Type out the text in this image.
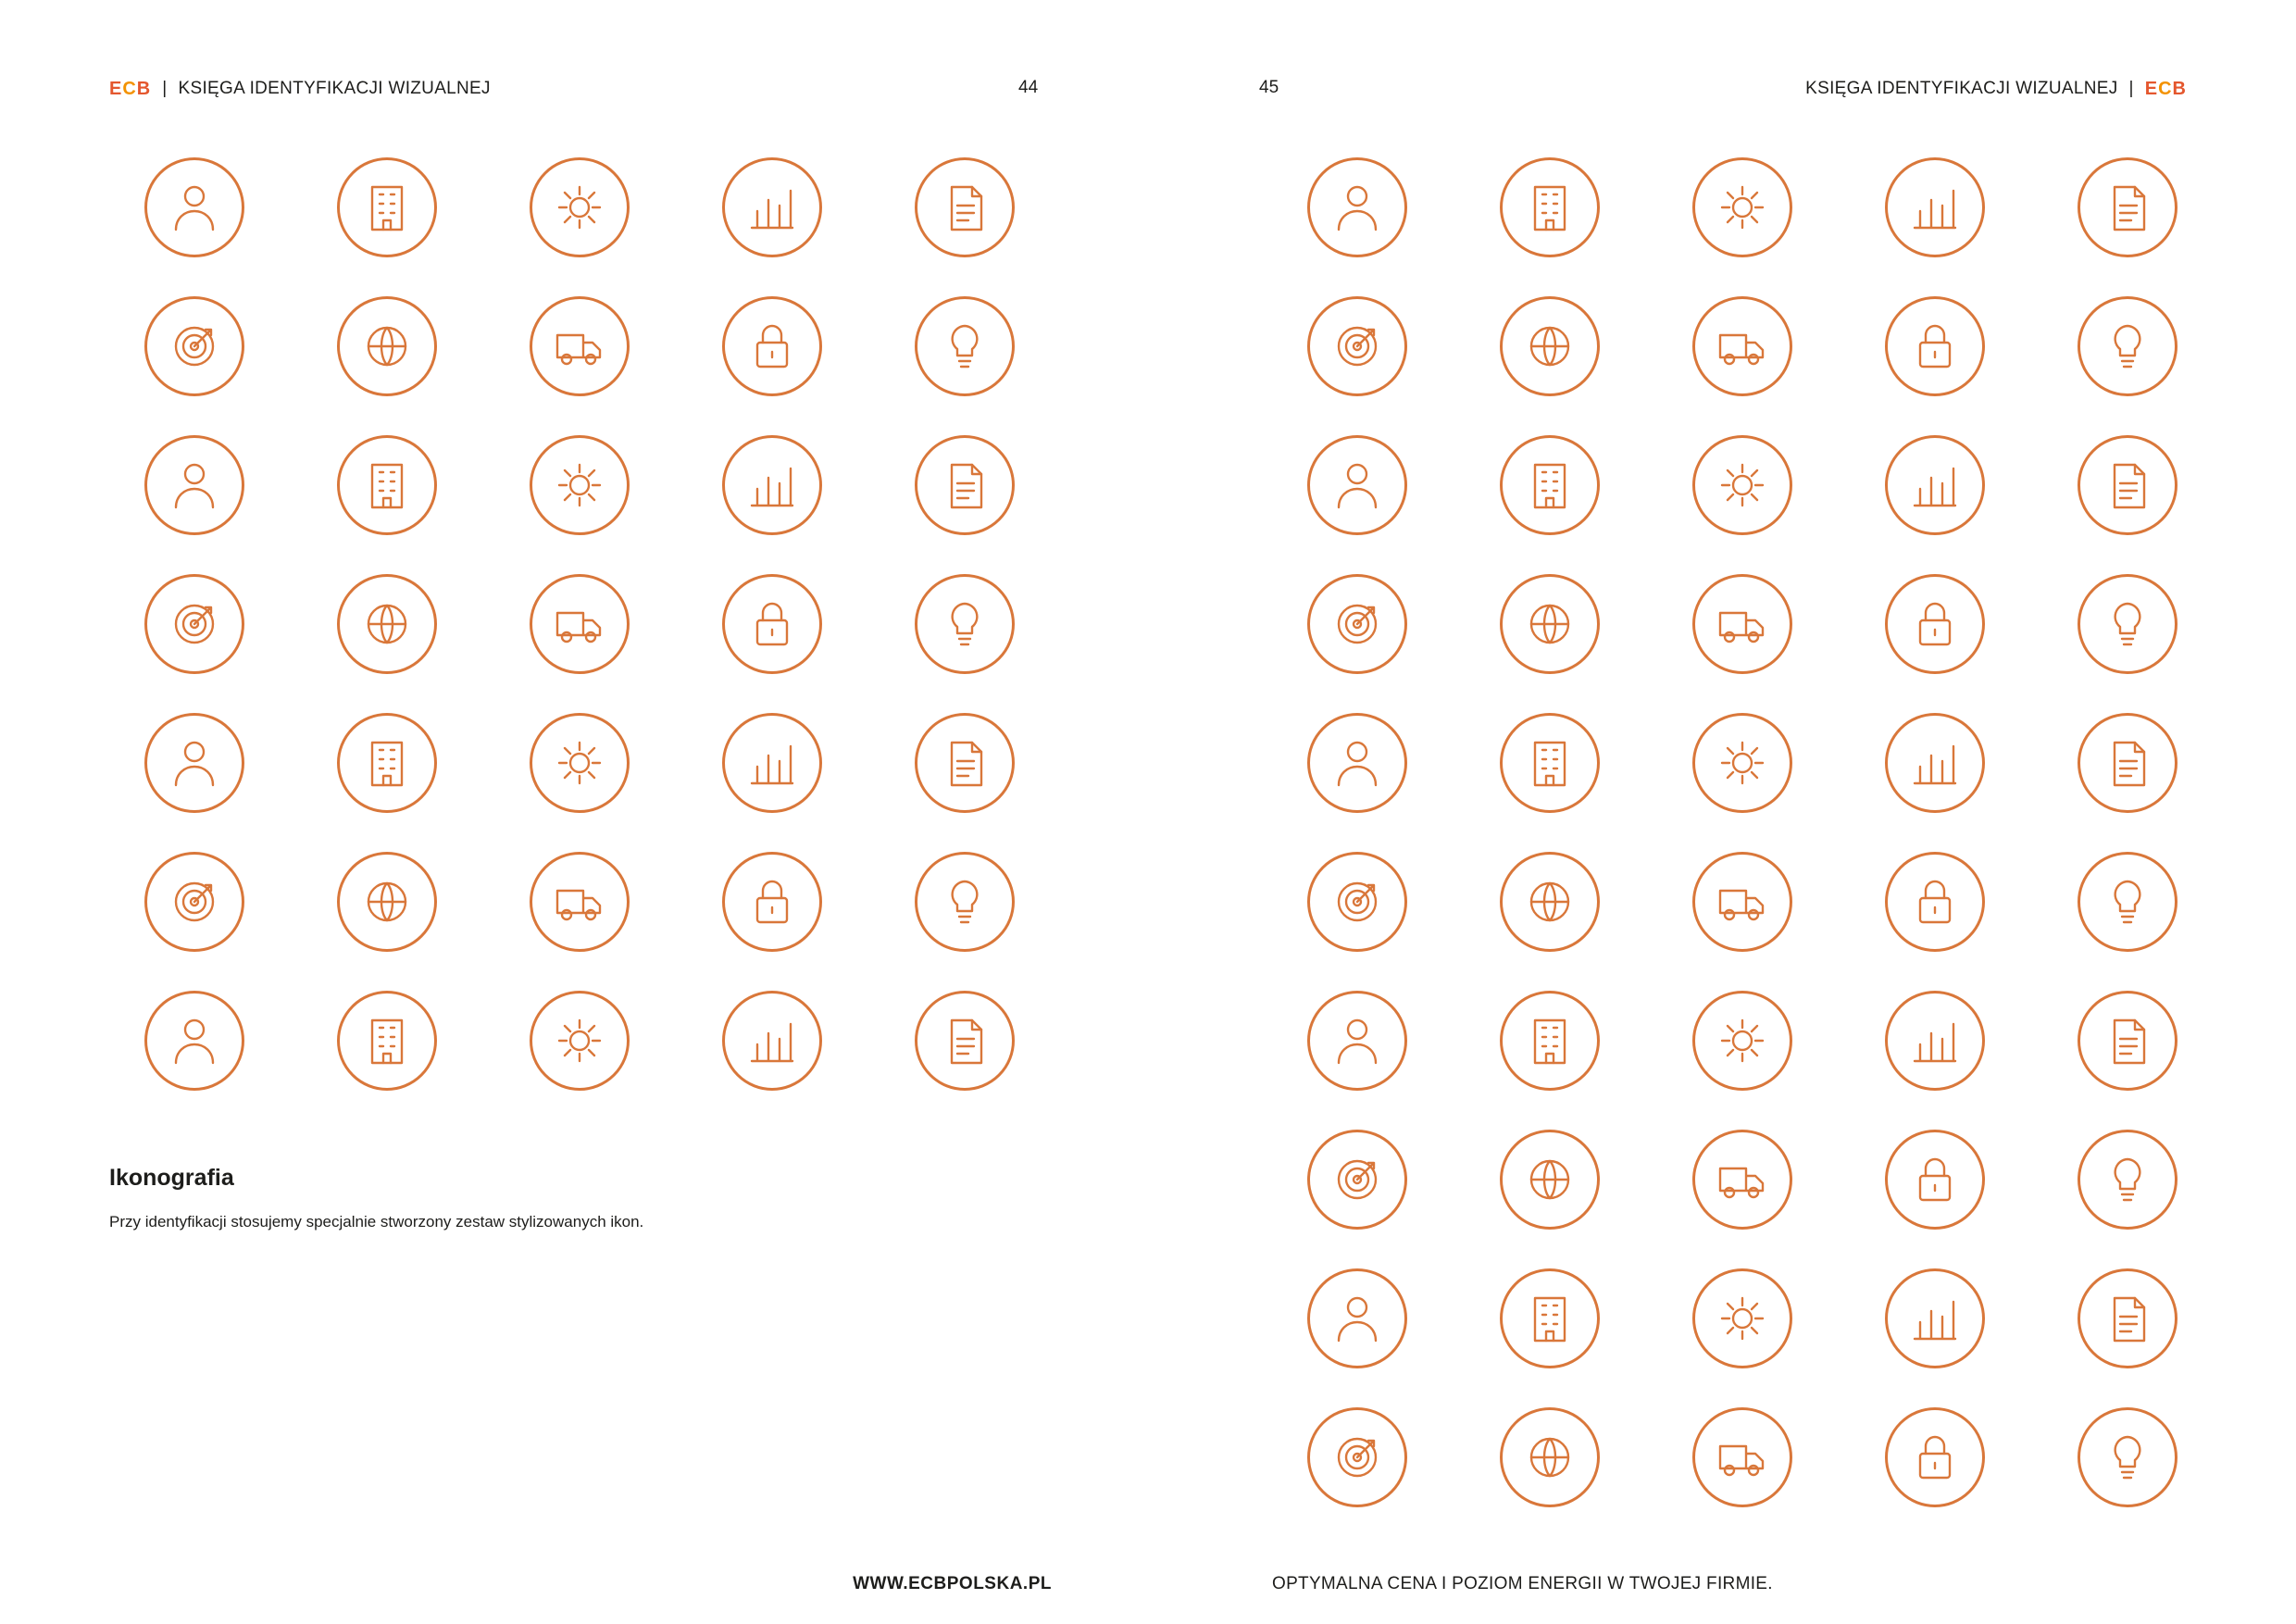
E C B | KSIĘGA IDENTYFIKACJI WIZUALNEJ	44
Ikonografia
Przy identyfikacji stosujemy specjalnie stworzony zestaw stylizowanych ikon.
WWW.ECBPOLSKA.PL
45	KSIĘGA IDENTYFIKACJI WIZUALNEJ | E C B
OPTYMALNA CENA I POZIOM ENERGII W TWOJEJ FIRMIE.
